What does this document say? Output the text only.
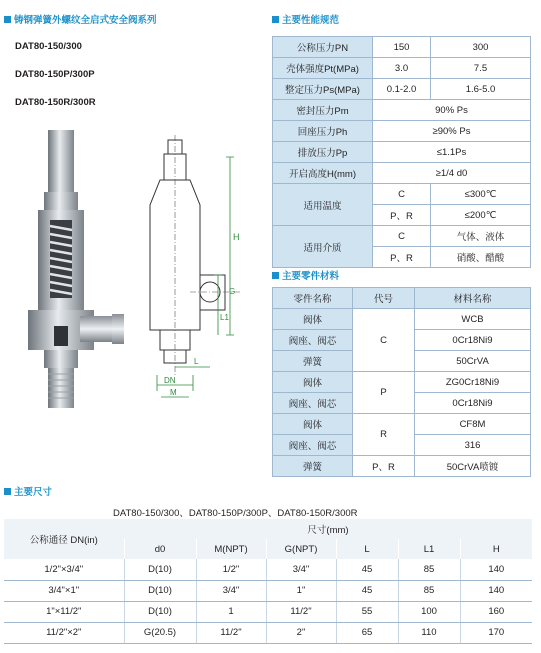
铸钢弹簧外螺纹全启式安全阀系列
DAT80-150/300
DAT80-150P/300P
DAT80-150R/300R
H
G
L1
L
DN
M
主要性能规范
公称压力PN	150	300
壳体强度Pt(MPa)	3.0	7.5
整定压力Ps(MPa)	0.1-2.0	1.6-5.0
密封压力Pm	90% Ps	
回座压力Ph	≥90% Ps	
排放压力Pp	≤1.1Ps	
开启高度H(mm)	≥1/4 d0	
适用温度	C	≤300℃
	P、R	≤200℃
适用介质	C	气体、液体
	P、R	硝酸、醋酸
主要零件材料
零件名称	代号	材料名称
阀体	C	WCB
阀座、阀芯		0Cr18Ni9
弹簧		50CrVA
阀体	P	ZG0Cr18Ni9
阀座、阀芯		0Cr18Ni9
阀体	R	CF8M
阀座、阀芯		316
弹簧	P、R	50CrVA喷镀
主要尺寸
DAT80-150/300、DAT80-150P/300P、DAT80-150R/300R
公称通径 DN(in)	尺寸(mm)					
	d0	M(NPT)	G(NPT)	L	L1	H
1/2"×3/4"	D(10)	1/2"	3/4"	45	85	140
3/4"×1"	D(10)	3/4"	1"	45	85	140
1"×11/2"	D(10)	1	11/2"	55	100	160
11/2"×2"	G(20.5)	11/2"	2"	65	110	170
